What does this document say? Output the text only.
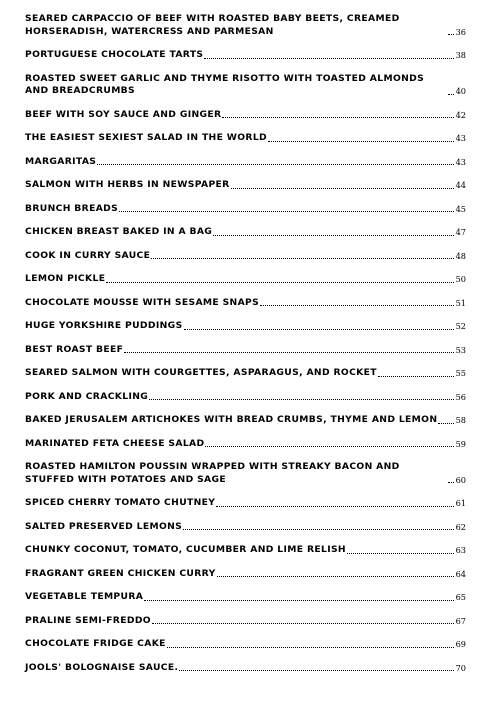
SEARED CARPACCIO OF BEEF WITH ROASTED BABY BEETS, CREAMED HORSERADISH, WATERCRESS AND PARMESAN	36
PORTUGUESE CHOCOLATE TARTS	38
ROASTED SWEET GARLIC AND THYME RISOTTO WITH TOASTED ALMONDS AND BREADCRUMBS	40
BEEF WITH SOY SAUCE AND GINGER	42
THE EASIEST SEXIEST SALAD IN THE WORLD	43
MARGARITAS	43
SALMON WITH HERBS IN NEWSPAPER	44
BRUNCH BREADS	45
CHICKEN BREAST BAKED IN A BAG	47
COOK IN CURRY SAUCE	48
LEMON PICKLE	50
CHOCOLATE MOUSSE WITH SESAME SNAPS	51
HUGE YORKSHIRE PUDDINGS	52
BEST ROAST BEEF	53
SEARED SALMON WITH COURGETTES, ASPARAGUS, AND ROCKET	55
PORK AND CRACKLING	56
BAKED JERUSALEM ARTICHOKES WITH BREAD CRUMBS, THYME AND LEMON 58
MARINATED FETA CHEESE SALAD	59
ROASTED HAMILTON POUSSIN WRAPPED WITH STREAKY BACON AND STUFFED WITH POTATOES AND SAGE	60
SPICED CHERRY TOMATO CHUTNEY	61
SALTED PRESERVED LEMONS	62
CHUNKY COCONUT, TOMATO, CUCUMBER AND LIME RELISH	63
FRAGRANT GREEN CHICKEN CURRY	64
VEGETABLE TEMPURA	65
PRALINE SEMI-FREDDO	67
CHOCOLATE FRIDGE CAKE	69
JOOLS' BOLOGNAISE SAUCE.	70
